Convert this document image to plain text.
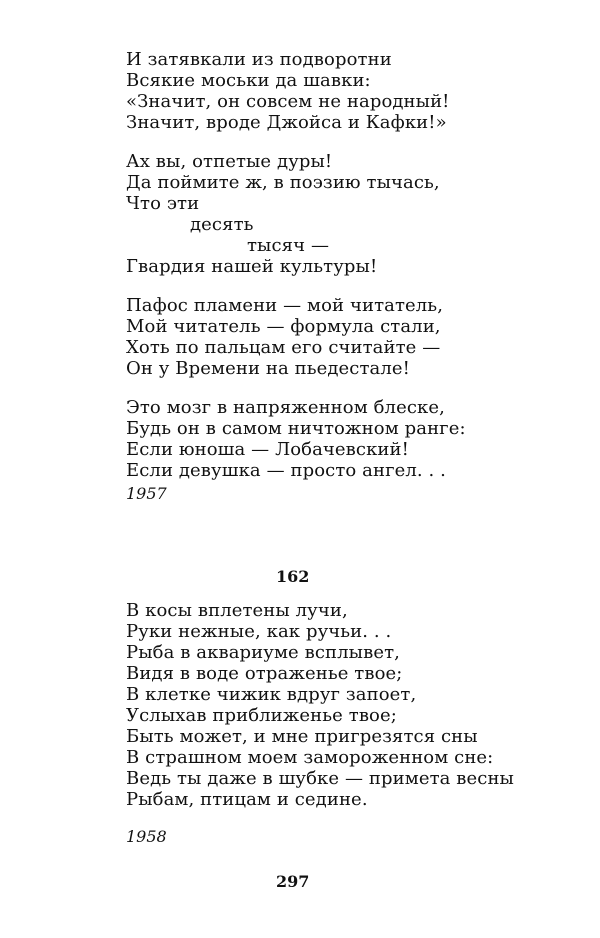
И затявкали из подворотни
Всякие моськи да шавки:
«Значит, он совсем не народный!
Значит, вроде Джойса и Кафки!»
Ах вы, отпетые дуры!
Да поймите ж, в поэзию тычась,
Что эти
десять
тысяч —
Гвардия нашей культуры!
Пафос пламени — мой читатель,
Мой читатель — формула стали,
Хоть по пальцам его считайте —
Он у Времени на пьедестале!
Это мозг в напряженном блеске,
Будь он в самом ничтожном ранге:
Если юноша — Лобачевский!
Если девушка — просто ангел. . .
1957
162
В косы вплетены лучи,
Руки нежные, как ручьи. . .
Рыба в аквариуме всплывет,
Видя в воде отраженье твое;
В клетке чижик вдруг запоет,
Услыхав приближенье твое;
Быть может, и мне пригрезятся сны
В страшном моем замороженном сне:
Ведь ты даже в шубке — примета весны
Рыбам, птицам и седине.
1958
297
